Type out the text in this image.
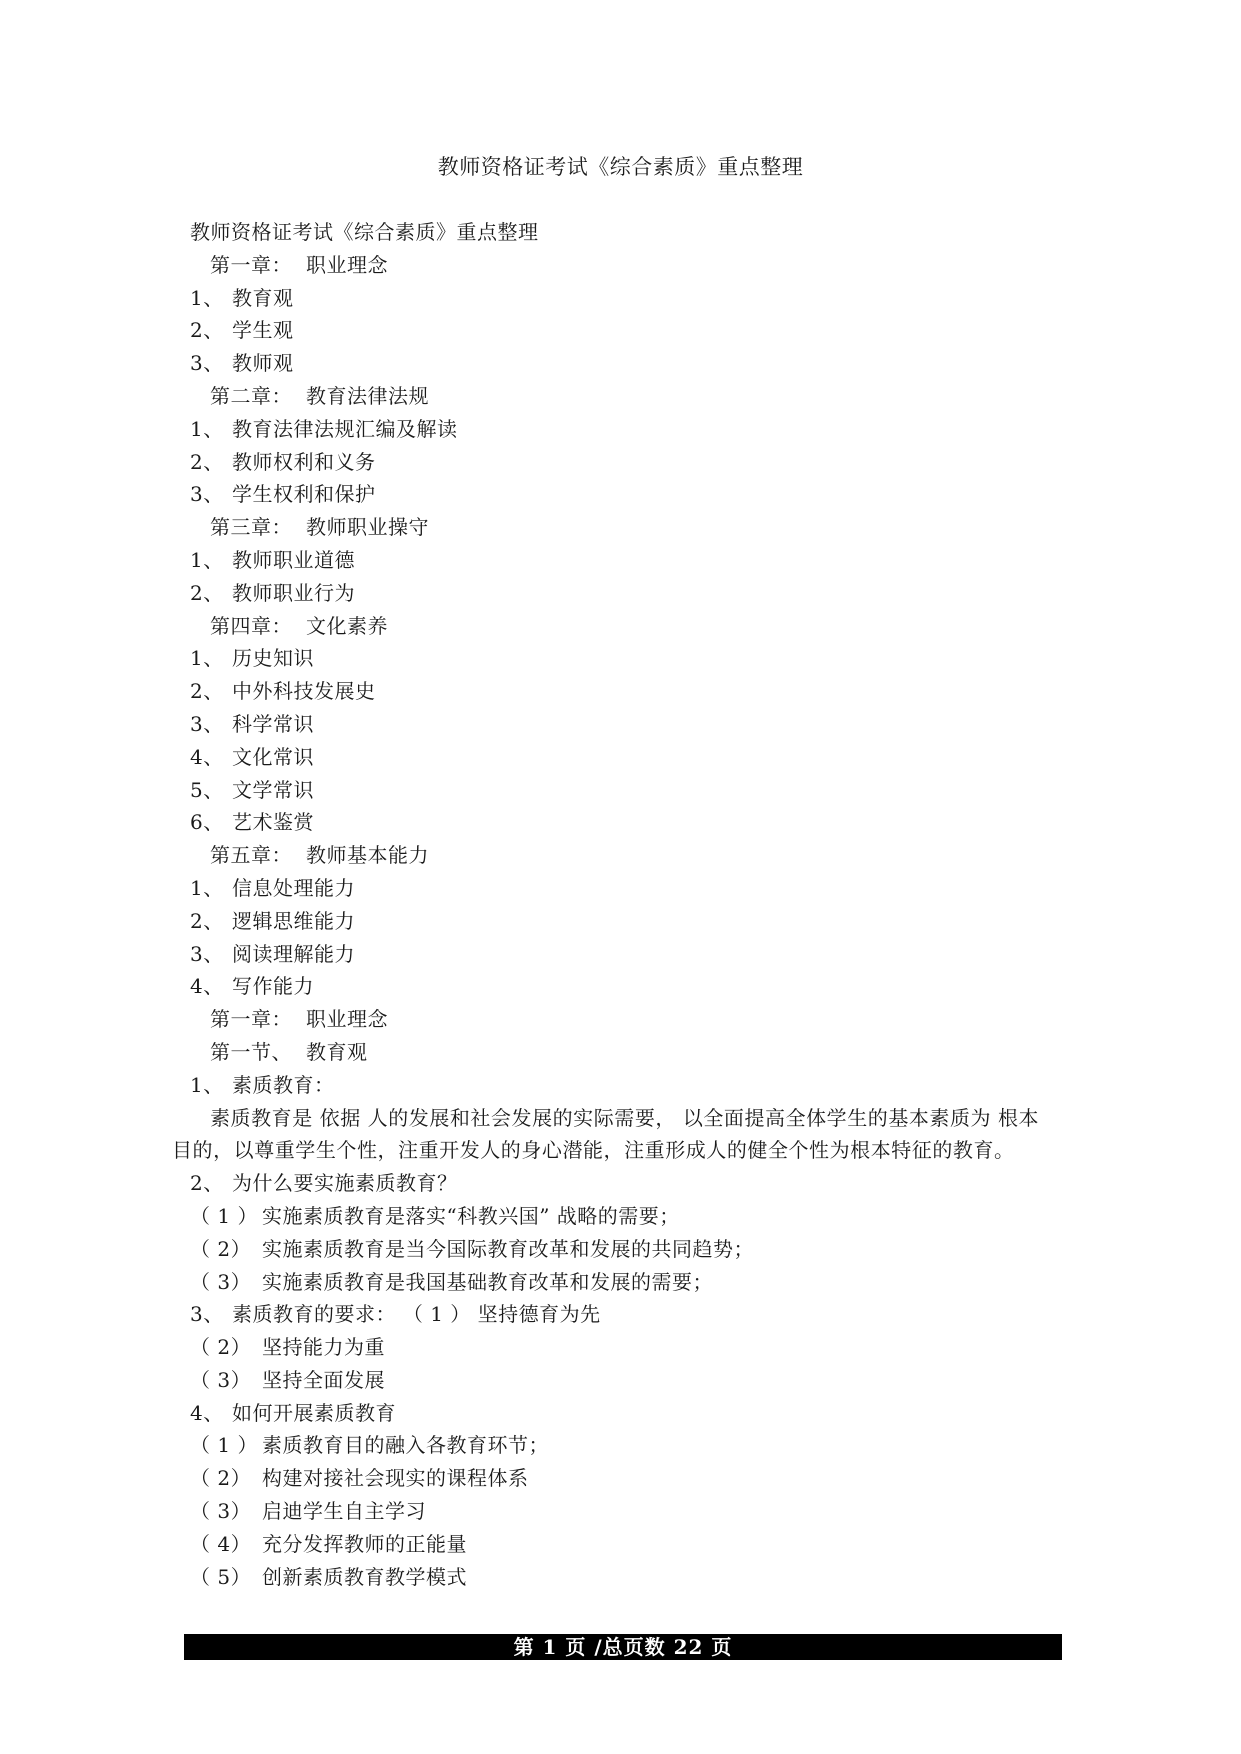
教师资格证考试《综合素质》重点整理
教师资格证考试《综合素质》重点整理
第一章： 职业理念
1、 教育观
2、 学生观
3、 教师观
第二章： 教育法律法规
1、 教育法律法规汇编及解读
2、 教师权利和义务
3、 学生权利和保护
第三章： 教师职业操守
1、 教师职业道德
2、 教师职业行为
第四章： 文化素养
1、 历史知识
2、 中外科技发展史
3、 科学常识
4、 文化常识
5、 文学常识
6、 艺术鉴赏
第五章： 教师基本能力
1、 信息处理能力
2、 逻辑思维能力
3、 阅读理解能力
4、 写作能力
第一章： 职业理念
第一节、 教育观
1、 素质教育：
素质教育是 依据 人的发展和社会发展的实际需要， 以全面提高全体学生的基本素质为 根本
目的，以尊重学生个性，注重开发人的身心潜能，注重形成人的健全个性为根本特征的教育。
2、 为什么要实施素质教育？
（ 1 ） 实施素质教育是落实“科教兴国” 战略的需要；
（ 2） 实施素质教育是当今国际教育改革和发展的共同趋势；
（ 3） 实施素质教育是我国基础教育改革和发展的需要；
3、 素质教育的要求： （ 1 ） 坚持德育为先
（ 2） 坚持能力为重
（ 3） 坚持全面发展
4、 如何开展素质教育
（ 1 ） 素质教育目的融入各教育环节；
（ 2） 构建对接社会现实的课程体系
（ 3） 启迪学生自主学习
（ 4） 充分发挥教师的正能量
（ 5） 创新素质教育教学模式
第 1 页 /总页数 22 页
